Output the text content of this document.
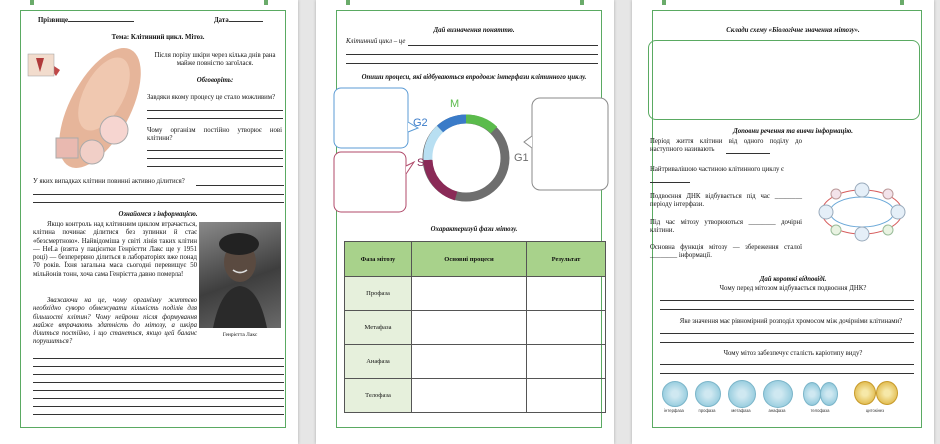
Прізвище	Дата
Тема: Клітинний цикл. Мітоз.
Після порізу шкіри через кілька днів рана майже повністю загоїлася.
Обговоріть:
Завдяки якому процесу це стало можливим?
Чому організм постійно утворює нові клітини?
У яких випадках клітини повинні активно ділитися?
Ознайомся з інформацією.
Якщо контроль над клітинним циклом втрачається, клітина починає ділитися без зупинки й стає «безсмертною». Найвідоміша у світі лінія таких клітин — HeLa (взята у пацієнтки Генрієтти Лакс ще у 1951 році) — безперервно ділиться в лабораторіях вже понад 70 років. Їхня загальна маса сьогодні перевищує 50 мільйонів тонн, хоча сама Генрієтта давно померла!
Зважаючи на це, чому організму життєво необхідно суворо обмежувати кількість поділів для більшості клітин? Чому нейрони після формування майже втрачають здатність до мітозу, а шкіра ділиться постійно, і що станеться, якщо цей баланс порушиться?
Генрієтта Лакс
Дай визначення поняттю.
Клітинний цикл – це
Опиши процеси, які відбуваються впродовж інтерфази клітинного циклу.
M
G2
S	G1
Охарактеризуй фази мітозу.
Фаза мітозу	Основні процеси	Результат
Профаза		
Метафаза		
Анафаза		
Телофаза		
Склади схему «Біологічне значення мітозу».
Доповни речення та вивчи інформацію.
Період життя клітини від одного поділу до наступного називають
Найтривалішою частиною клітинного циклу є
Подвоєння ДНК відбувається під час ________ періоду інтерфази.
Під час мітозу утворюються ________ дочірні клітини.
Основна функція мітозу — збереження сталої ________ інформації.
Дай короткі відповіді.
Чому перед мітозом відбувається подвоєння ДНК?
Яке значення має рівномірний розподіл хромосом між дочірніми клітинами?
Чому мітоз забезпечує сталість каріотипу виду?
інтерфаза	профаза	метафаза	анафаза	телофаза	цитокінез
